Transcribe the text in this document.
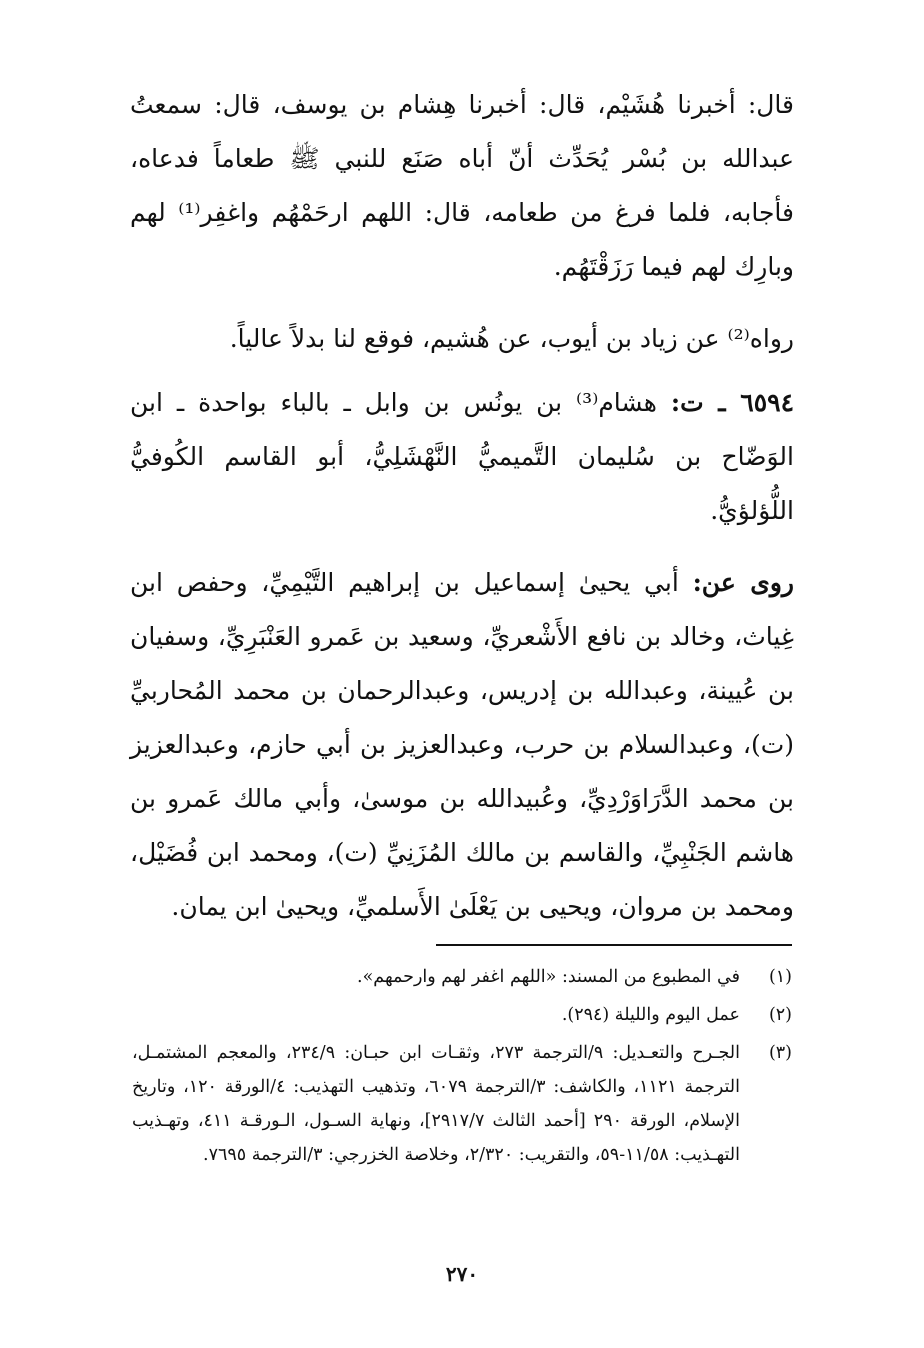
قال: أخبرنا هُشَيْم، قال: أخبرنا هِشام بن يوسف، قال: سمعتُ عبدالله بن بُسْر يُحَدِّث أنّ أباه صَنَع للنبي ﷺ طعاماً فدعاه، فأجابه، فلما فرغ من طعامه، قال: اللهم ارحَمْهُم واغفِر⁽¹⁾ لهم وبارِك لهم فيما رَزَقْتَهُم.

رواه⁽²⁾ عن زياد بن أيوب، عن هُشيم، فوقع لنا بدلاً عالياً.

٦٥٩٤ ـ ت: هشام⁽³⁾ بن يونُس بن وابل ـ بالباء بواحدة ـ ابن الوَضّاح بن سُليمان التَّميميُّ النَّهْشَلِيُّ، أبو القاسم الكُوفيُّ اللُّؤلؤيُّ.

روى عن: أبي يحيىٰ إسماعيل بن إبراهيم التَّيْمِيِّ، وحفص ابن غِياث، وخالد بن نافع الأَشْعريِّ، وسعيد بن عَمرو العَنْبَرِيِّ، وسفيان بن عُيينة، وعبدالله بن إدريس، وعبدالرحمان بن محمد المُحاربيِّ (ت)، وعبدالسلام بن حرب، وعبدالعزيز بن أبي حازم، وعبدالعزيز بن محمد الدَّرَاوَرْدِيِّ، وعُبيدالله بن موسىٰ، وأبي مالك عَمرو بن هاشم الجَنْبِيِّ، والقاسم بن مالك المُزَنِيِّ (ت)، ومحمد ابن فُضَيْل، ومحمد بن مروان، ويحيى بن يَعْلَىٰ الأَسلميِّ، ويحيىٰ ابن يمان.

(١)
في المطبوع من المسند: «اللهم اغفر لهم وارحمهم».
(٢)
عمل اليوم والليلة (٢٩٤).
(٣)
الجـرح والتعـديل: ٩/الترجمة ٢٧٣، وثقـات ابن حبـان: ٢٣٤/٩، والمعجم المشتمـل، الترجمة ١١٢١، والكاشف: ٣/الترجمة ٦٠٧٩، وتذهيب التهذيب: ٤/الورقة ١٢٠، وتاريخ الإسلام، الورقة ٢٩٠ [أحمد الثالث ٢٩١٧/٧]، ونهاية السـول، الـورقـة ٤١١، وتهـذيب التهـذيب: ١١/٥٨-٥٩، والتقريب: ٢/٣٢٠، وخلاصة الخزرجي: ٣/الترجمة ٧٦٩٥.
٢٧٠
